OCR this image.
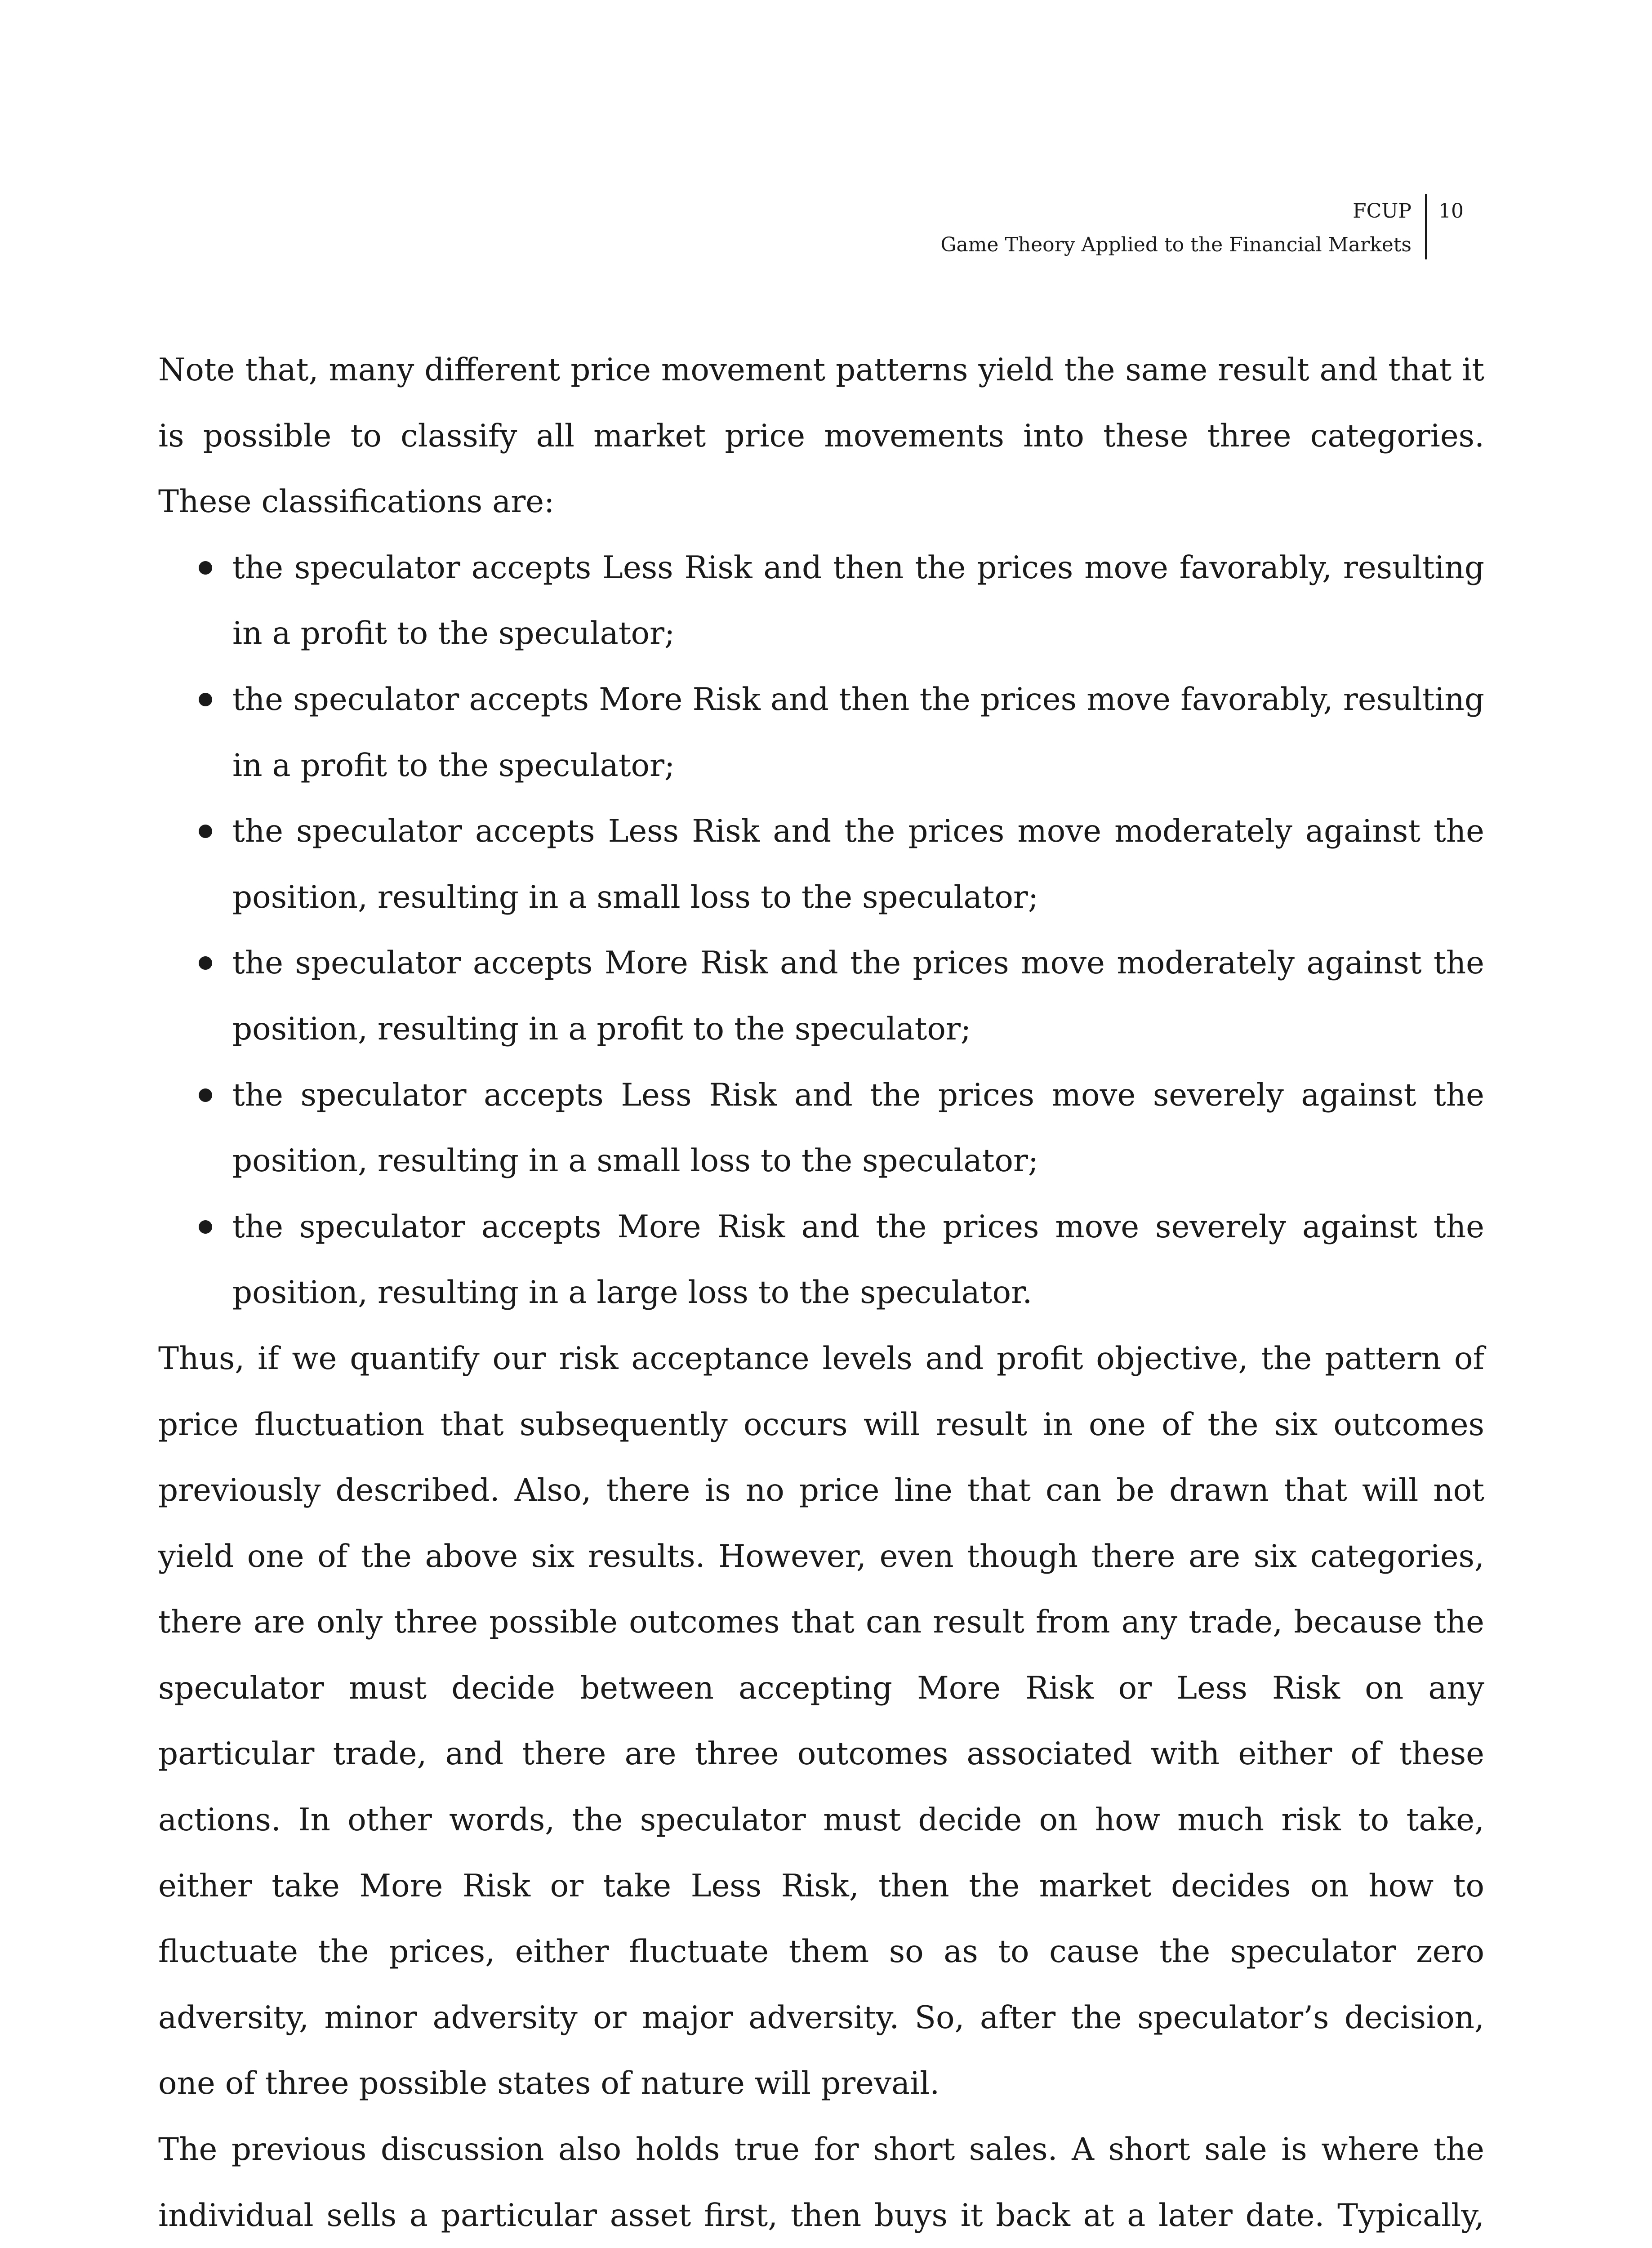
FCUP
Game Theory Applied to the Financial Markets
10

Note that, many different price movement patterns yield the same result and that it is possible to classify all market price movements into these three categories. These classifications are:

the speculator accepts Less Risk and then the prices move favorably, resulting in a profit to the speculator;
the speculator accepts More Risk and then the prices move favorably, resulting in a profit to the speculator;
the speculator accepts Less Risk and the prices move moderately against the position, resulting in a small loss to the speculator;
the speculator accepts More Risk and the prices move moderately against the position, resulting in a profit to the speculator;
the speculator accepts Less Risk and the prices move severely against the position, resulting in a small loss to the speculator;
the speculator accepts More Risk and the prices move severely against the position, resulting in a large loss to the speculator.

Thus, if we quantify our risk acceptance levels and profit objective, the pattern of price fluctuation that subsequently occurs will result in one of the six outcomes previously described. Also, there is no price line that can be drawn that will not yield one of the above six results. However, even though there are six categories, there are only three possible outcomes that can result from any trade, because the speculator must decide between accepting More Risk or Less Risk on any particular trade, and there are three outcomes associated with either of these actions. In other words, the speculator must decide on how much risk to take, either take More Risk or take Less Risk, then the market decides on how to fluctuate the prices, either fluctuate them so as to cause the speculator zero adversity, minor adversity or major adversity. So, after the speculator’s decision, one of three possible states of nature will prevail.

The previous discussion also holds true for short sales. A short sale is where the individual sells a particular asset first, then buys it back at a later date. Typically,
